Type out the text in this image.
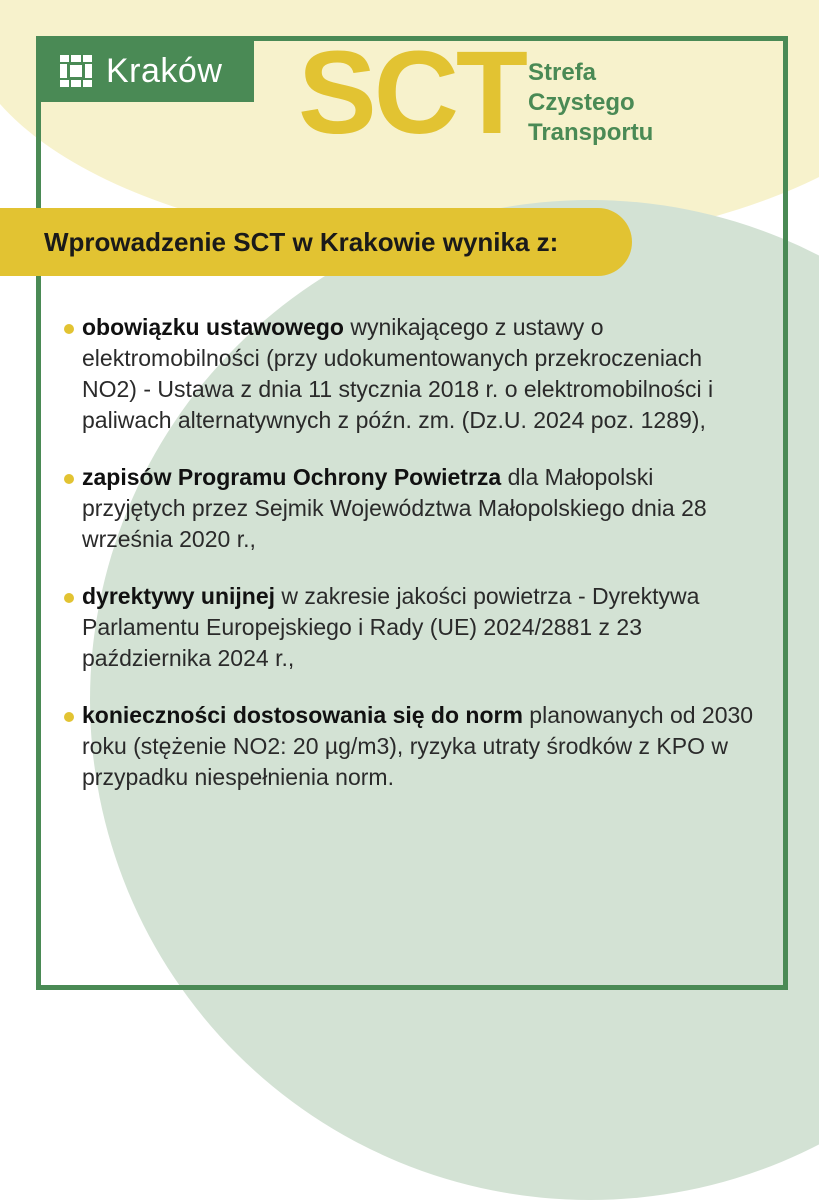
Kraków SCT Strefa
Czystego
Transportu
Wprowadzenie SCT w Krakowie wynika z:
obowiązku ustawowego wynikającego z ustawy o elektromobilności (przy udokumentowanych przekroczeniach NO2) - Ustawa z dnia 11 stycznia 2018 r. o elektromobilności i paliwach alternatywnych z późn. zm. (Dz.U. 2024 poz. 1289),
zapisów Programu Ochrony Powietrza dla Małopolski przyjętych przez Sejmik Województwa Małopolskiego dnia 28 września 2020 r.,
dyrektywy unijnej w zakresie jakości powietrza - Dyrektywa Parlamentu Europejskiego i Rady (UE) 2024/2881 z 23 października 2024 r.,
konieczności dostosowania się do norm planowanych od 2030 roku (stężenie NO2: 20 µg/m3), ryzyka utraty środków z KPO w przypadku niespełnienia norm.
